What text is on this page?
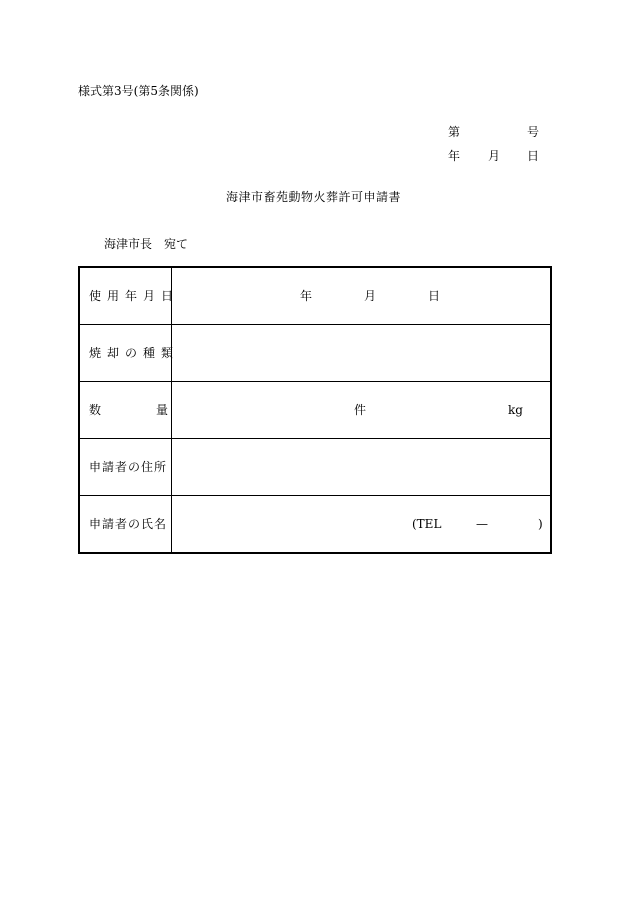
様式第3号(第5条関係)
第	号
年 月 日
海津市畜苑動物火葬許可申請書
海津市長　宛て
使用年月日	年 月 日

焼却の種類	

数 量	件 kg

申請者の住所	

申請者の氏名	(TEL — )
